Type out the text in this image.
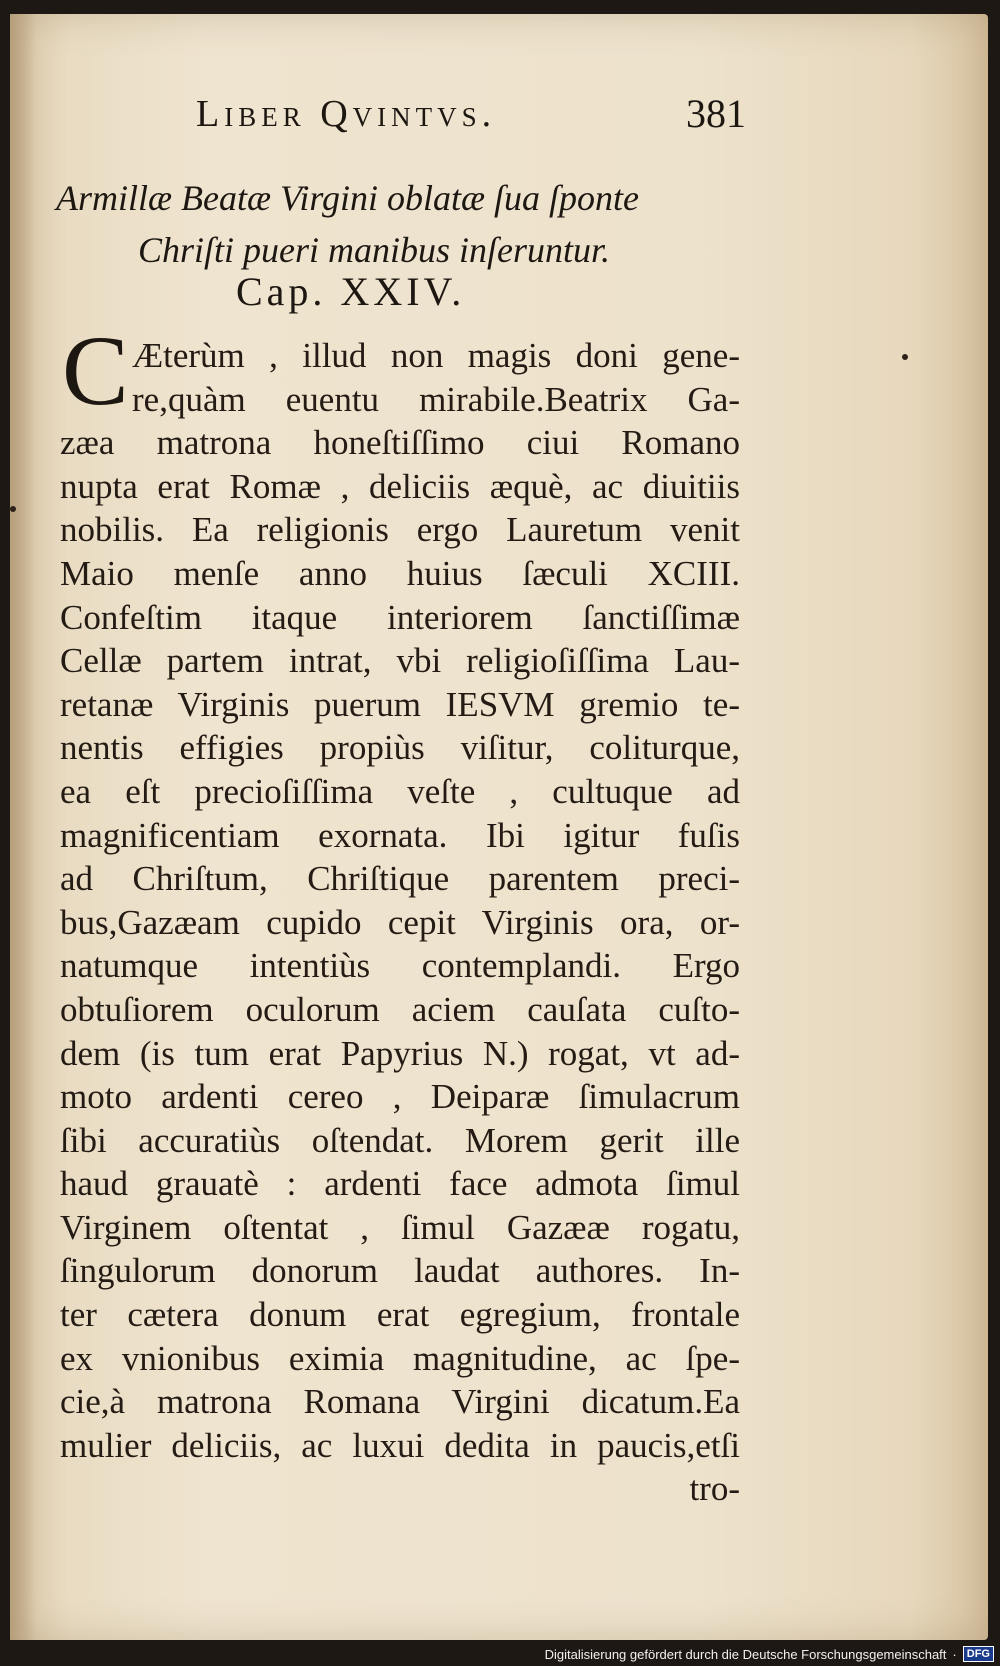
Liber Qvintvs.	381
Armillæ Beatæ Virgini oblatæ ſua ſponte
Chriſti pueri manibus inſeruntur.
Cap. XXIV.
C Æterùm , illud non magis doni gene-
re,quàm euentu mirabile.Beatrix Ga-
zæa matrona honeſtiſſimo ciui Romano
nupta erat Romæ , deliciis æquè, ac diuitiis
nobilis. Ea religionis ergo Lauretum venit
Maio menſe anno huius ſæculi XCIII.
Confeſtim itaque interiorem ſanctiſſimæ
Cellæ partem intrat, vbi religioſiſſima Lau-
retanæ Virginis puerum IESVM gremio te-
nentis effigies propiùs viſitur, coliturque,
ea eſt precioſiſſima veſte , cultuque ad
magnificentiam exornata. Ibi igitur fuſis
ad Chriſtum, Chriſtique parentem preci-
bus,Gazæam cupido cepit Virginis ora, or-
natumque intentiùs contemplandi. Ergo
obtuſiorem oculorum aciem cauſata cuſto-
dem (is tum erat Papyrius N.) rogat, vt ad-
moto ardenti cereo , Deiparæ ſimulacrum
ſibi accuratiùs oſtendat. Morem gerit ille
haud grauatè : ardenti face admota ſimul
Virginem oſtentat , ſimul Gazææ rogatu,
ſingulorum donorum laudat authores. In-
ter cætera donum erat egregium, frontale
ex vnionibus eximia magnitudine, ac ſpe-
cie,à matrona Romana Virgini dicatum.Ea
mulier deliciis, ac luxui dedita in paucis,etſi
tro-
Digitalisierung gefördert durch die Deutsche Forschungsgemeinschaft · DFG
